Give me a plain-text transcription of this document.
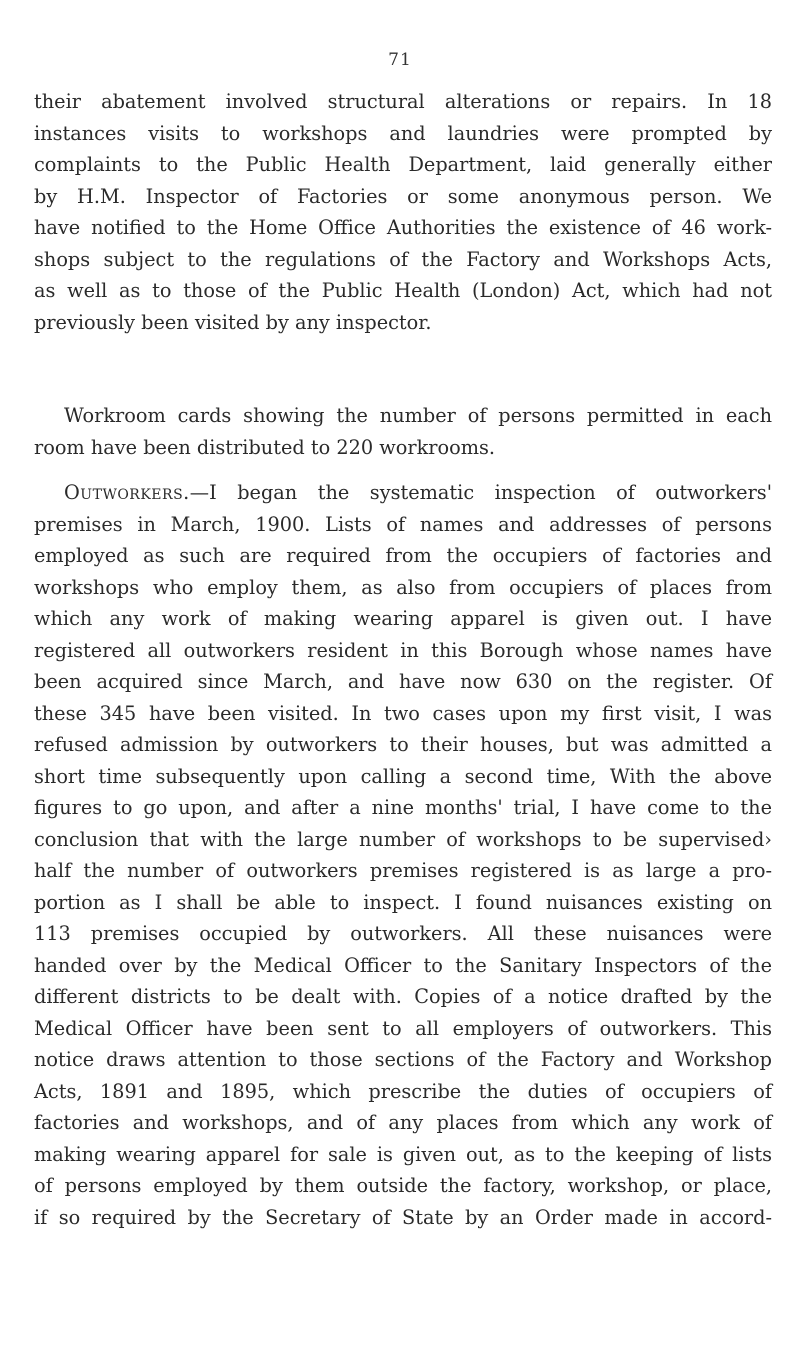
71
their abatement involved structural alterations or repairs. In 18
instances visits to workshops and laundries were prompted by
complaints to the Public Health Department, laid generally either
by H.M. Inspector of Factories or some anonymous person. We
have notified to the Home Office Authorities the existence of 46 work-
shops subject to the regulations of the Factory and Workshops Acts,
as well as to those of the Public Health (London) Act, which had not
previously been visited by any inspector.
Workroom cards showing the number of persons permitted in each
room have been distributed to 220 workrooms.
Outworkers.—I began the systematic inspection of outworkers'
premises in March, 1900. Lists of names and addresses of persons
employed as such are required from the occupiers of factories and
workshops who employ them, as also from occupiers of places from
which any work of making wearing apparel is given out. I have
registered all outworkers resident in this Borough whose names have
been acquired since March, and have now 630 on the register. Of
these 345 have been visited. In two cases upon my first visit, I was
refused admission by outworkers to their houses, but was admitted a
short time subsequently upon calling a second time, With the above
figures to go upon, and after a nine months' trial, I have come to the
conclusion that with the large number of workshops to be supervised›
half the number of outworkers premises registered is as large a pro-
portion as I shall be able to inspect. I found nuisances existing on
113 premises occupied by outworkers. All these nuisances were
handed over by the Medical Officer to the Sanitary Inspectors of the
different districts to be dealt with. Copies of a notice drafted by the
Medical Officer have been sent to all employers of outworkers. This
notice draws attention to those sections of the Factory and Workshop
Acts, 1891 and 1895, which prescribe the duties of occupiers of
factories and workshops, and of any places from which any work of
making wearing apparel for sale is given out, as to the keeping of lists
of persons employed by them outside the factory, workshop, or place,
if so required by the Secretary of State by an Order made in accord-
